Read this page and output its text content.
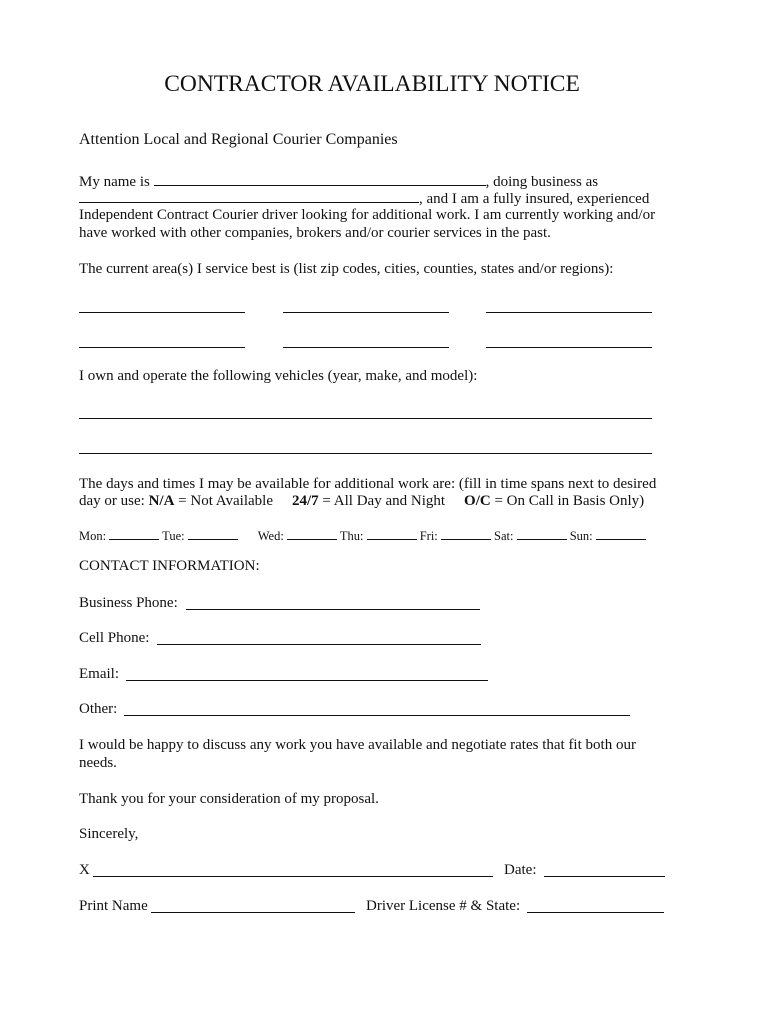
CONTRACTOR AVAILABILITY NOTICE
Attention Local and Regional Courier Companies
My name is	, doing business as
, and I am a fully insured, experienced
Independent Contract Courier driver looking for additional work. I am currently working and/or
have worked with other companies, brokers and/or courier services in the past.
The current area(s) I service best is (list zip codes, cities, counties, states and/or regions):
I own and operate the following vehicles (year, make, and model):
The days and times I may be available for additional work are: (fill in time spans next to desired
day or use: N/A = Not Available 24/7 = All Day and Night O/C = On Call in Basis Only)
Mon:	Tue:	Wed:	Thu:	Fri:	Sat:	Sun:
CONTACT INFORMATION:
Business Phone:
Cell Phone:
Email:
Other:
I would be happy to discuss any work you have available and negotiate rates that fit both our
needs.
Thank you for your consideration of my proposal.
Sincerely,
X	Date:
Print Name	Driver License # & State:
